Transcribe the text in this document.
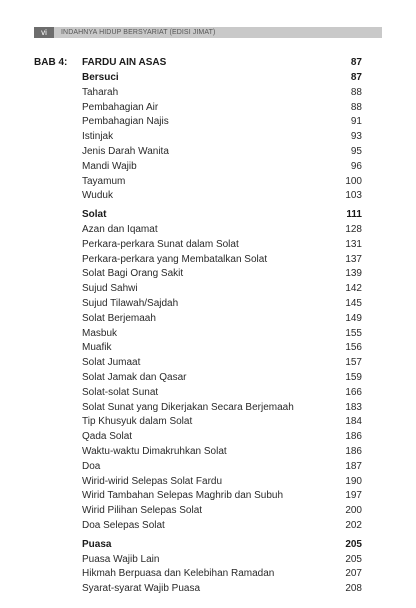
vi	INDAHNYA HIDUP BERSYARIAT (EDISI JIMAT)
BAB 4: FARDU AIN ASAS	87
Bersuci	87
Taharah	88
Pembahagian Air	88
Pembahagian Najis	91
Istinjak	93
Jenis Darah Wanita	95
Mandi Wajib	96
Tayamum	100
Wuduk	103
Solat	111
Azan dan Iqamat	128
Perkara-perkara Sunat dalam Solat	131
Perkara-perkara yang Membatalkan Solat	137
Solat Bagi Orang Sakit	139
Sujud Sahwi	142
Sujud Tilawah/Sajdah	145
Solat Berjemaah	149
Masbuk	155
Muafik	156
Solat Jumaat	157
Solat Jamak dan Qasar	159
Solat-solat Sunat	166
Solat Sunat yang Dikerjakan Secara Berjemaah	183
Tip Khusyuk dalam Solat	184
Qada Solat	186
Waktu-waktu Dimakruhkan Solat	186
Doa	187
Wirid-wirid Selepas Solat Fardu	190
Wirid Tambahan Selepas Maghrib dan Subuh	197
Wirid Pilihan Selepas Solat	200
Doa Selepas Solat	202
Puasa	205
Puasa Wajib Lain	205
Hikmah Berpuasa dan Kelebihan Ramadan	207
Syarat-syarat Wajib Puasa	208
